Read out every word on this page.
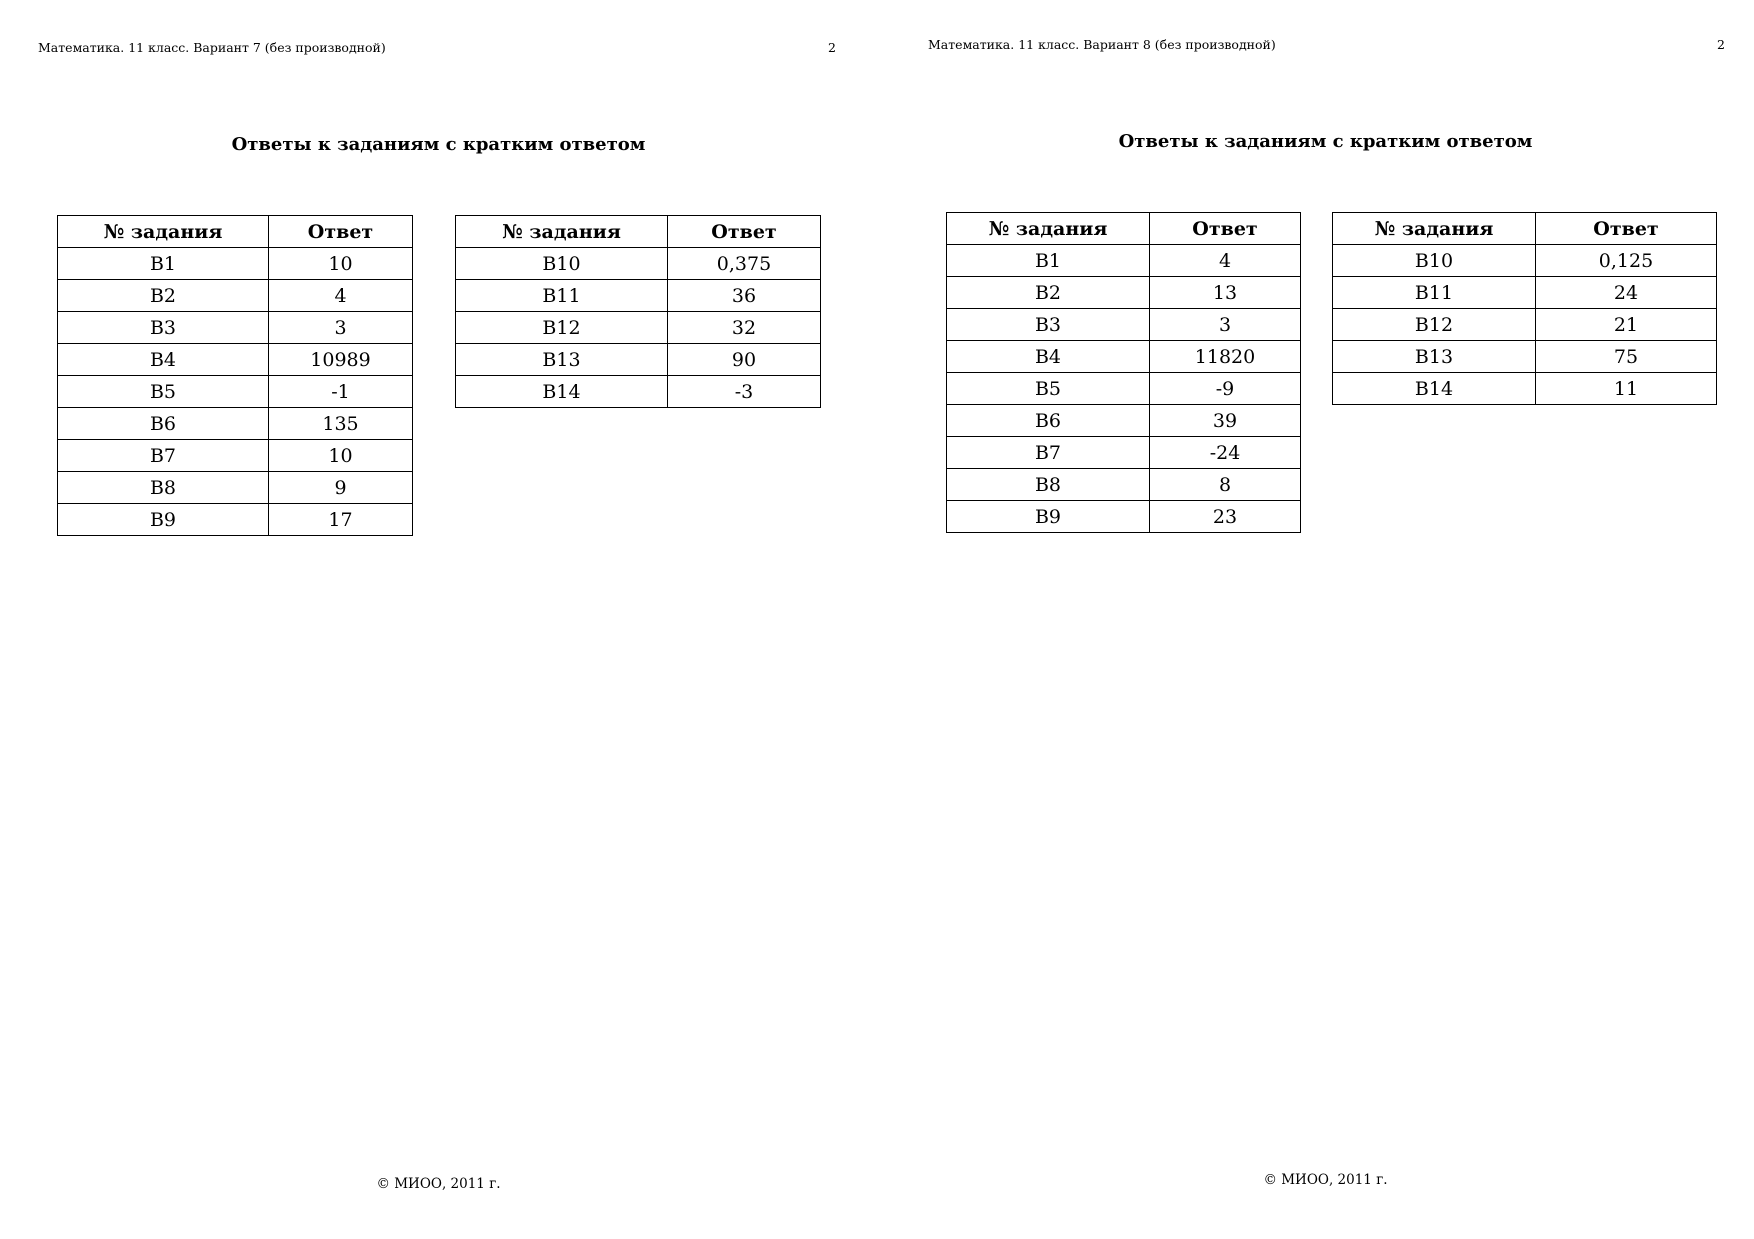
Математика. 11 класс. Вариант 7 (без производной)	2
Ответы к заданиям с кратким ответом
№ задания	Ответ
B1	10
B2	4
B3	3
B4	10989
B5	-1
B6	135
B7	10
B8	9
B9	17
№ задания	Ответ
B10	0,375
B11	36
B12	32
B13	90
B14	-3
© МИОО, 2011 г.
Математика. 11 класс. Вариант 8 (без производной)	2
Ответы к заданиям с кратким ответом
№ задания	Ответ
B1	4
B2	13
B3	3
B4	11820
B5	-9
B6	39
B7	-24
B8	8
B9	23
№ задания	Ответ
B10	0,125
B11	24
B12	21
B13	75
B14	11
© МИОО, 2011 г.
